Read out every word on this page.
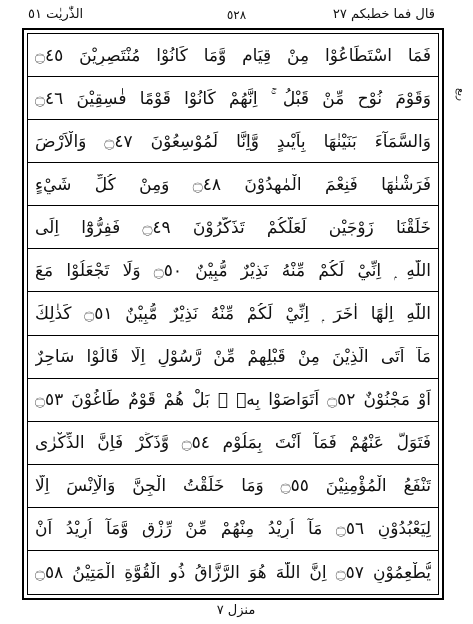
الذّٰريٰت ٥١	٥٢٨	قال فما خطبكم ٢٧
فَمَا اسْتَطَاعُوْا مِنْ قِيَامٍ وَّمَا كَانُوْا مُنْتَصِرِيْنَ ۝٤٥
وَقَوْمَ نُوْحٍ مِّنْ قَبْلُ ۚ اِنَّهُمْ كَانُوْا قَوْمًا فٰسِقِيْنَ ۝٤٦
وَالسَّمَآءَ بَنَيْنٰهَا بِاَيْىدٍ وَّاِنَّا لَمُوْسِعُوْنَ ۝٤٧ وَالْاَرْضَ
فَرَشْنٰهَا فَنِعْمَ الْمٰهِدُوْنَ ۝٤٨ وَمِنْ كُلِّ شَيْءٍ
خَلَقْنَا زَوْجَيْنِ لَعَلَّكُمْ تَذَكَّرُوْنَ ۝٤٩ فَفِرُّوْٓا اِلَى
اللّٰهِ ۭ اِنِّيْ لَكُمْ مِّنْهُ نَذِيْرٌ مُّبِيْنٌ ۝٥٠ وَلَا تَجْعَلُوْا مَعَ
اللّٰهِ اِلٰهًا اٰخَرَ ۭ اِنِّيْ لَكُمْ مِّنْهُ نَذِيْرٌ مُّبِيْنٌ ۝٥١ كَذٰلِكَ
مَآ اَتَى الَّذِيْنَ مِنْ قَبْلِهِمْ مِّنْ رَّسُوْلٍ اِلَّا قَالُوْا سَاحِرٌ
اَوْ مَجْنُوْنٌ ۝٥٢ اَتَوَاصَوْا بِهٖ ۚ بَلْ هُمْ قَوْمٌ طَاغُوْنَ ۝٥٣
فَتَوَلَّ عَنْهُمْ فَمَآ اَنْتَ بِمَلُوْمٍ ۝٥٤ وَّذَكِّرْ فَاِنَّ الذِّكْرٰى
تَنْفَعُ الْمُؤْمِنِيْنَ ۝٥٥ وَمَا خَلَقْتُ الْجِنَّ وَالْاِنْسَ اِلَّا
لِيَعْبُدُوْنِ ۝٥٦ مَآ اُرِيْدُ مِنْهُمْ مِّنْ رِّزْقٍ وَّمَآ اُرِيْدُ اَنْ
يُّطْعِمُوْنِ ۝٥٧ اِنَّ اللّٰهَ هُوَ الرَّزَّاقُ ذُو الْقُوَّةِ الْمَتِيْنُ ۝٥٨
ربع
منزل ٧
